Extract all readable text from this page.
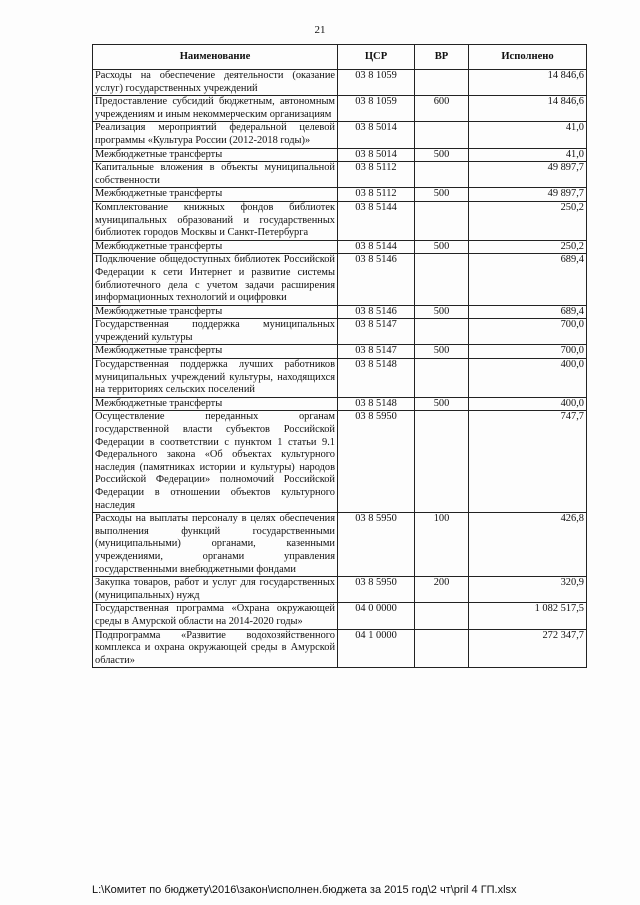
21
Наименование	ЦСР	ВР	Исполнено
Расходы на обеспечение деятельности (оказание услуг) государственных учреждений	03 8 1059		14 846,6
Предоставление субсидий бюджетным, автономным учреждениям и иным некоммерческим организациям	03 8 1059	600	14 846,6
Реализация мероприятий федеральной целевой программы «Культура России (2012-2018 годы)»	03 8 5014		41,0
Межбюджетные трансферты	03 8 5014	500	41,0
Капитальные вложения в объекты муниципальной собственности	03 8 5112		49 897,7
Межбюджетные трансферты	03 8 5112	500	49 897,7
Комплектование книжных фондов библиотек муниципальных образований и государственных библиотек городов Москвы и Санкт-Петербурга	03 8 5144		250,2
Межбюджетные трансферты	03 8 5144	500	250,2
Подключение общедоступных библиотек Российской Федерации к сети Интернет и развитие системы библиотечного дела с учетом задачи расширения информационных технологий и оцифровки	03 8 5146		689,4
Межбюджетные трансферты	03 8 5146	500	689,4
Государственная поддержка муниципальных учреждений культуры	03 8 5147		700,0
Межбюджетные трансферты	03 8 5147	500	700,0
Государственная поддержка лучших работников муниципальных учреждений культуры, находящихся на территориях сельских поселений	03 8 5148		400,0
Межбюджетные трансферты	03 8 5148	500	400,0
Осуществление переданных органам государственной власти субъектов Российской Федерации в соответствии с пунктом 1 статьи 9.1 Федерального закона «Об объектах культурного наследия (памятниках истории и культуры) народов Российской Федерации» полномочий Российской Федерации в отношении объектов культурного наследия	03 8 5950		747,7
Расходы на выплаты персоналу в целях обеспечения выполнения функций государственными (муниципальными) органами, казенными учреждениями, органами управления государственными внебюджетными фондами	03 8 5950	100	426,8
Закупка товаров, работ и услуг для государственных (муниципальных) нужд	03 8 5950	200	320,9
Государственная программа «Охрана окружающей среды в Амурской области на 2014-2020 годы»	04 0 0000		1 082 517,5
Подпрограмма «Развитие водохозяйственного комплекса и охрана окружающей среды в Амурской области»	04 1 0000		272 347,7
L:\Комитет по бюджету\2016\закон\исполнен.бюджета за 2015 год\2 чт\pril 4 ГП.xlsx
